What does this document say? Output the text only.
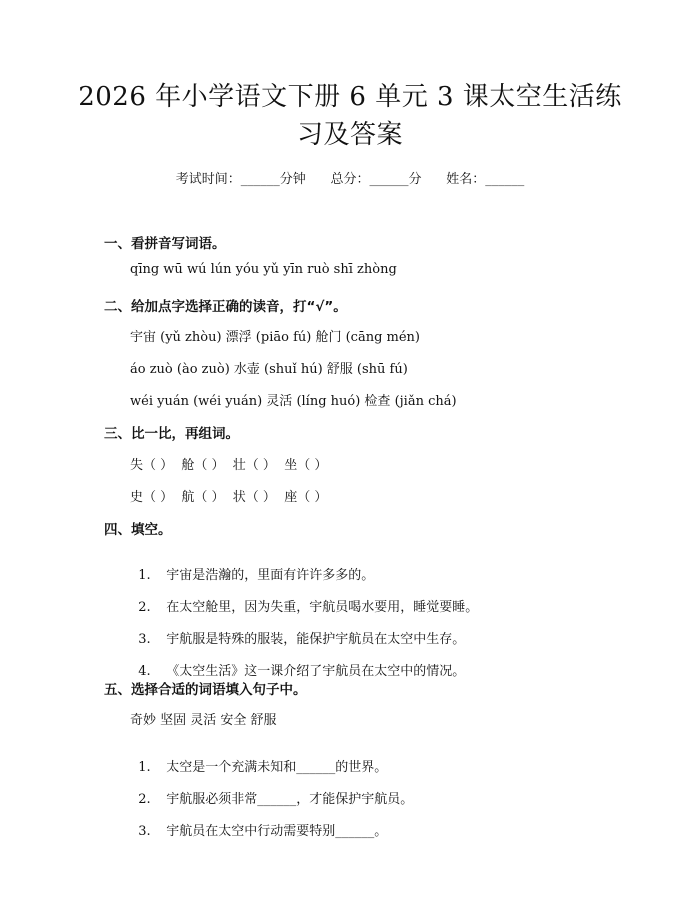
2026 年小学语文下册 6 单元 3 课太空生活练
习及答案
考试时间：______分钟      总分：______分      姓名：______
一、看拼音写词语。
qīng wū wú lún yóu yǔ yīn ruò shī zhòng
二、给加点字选择正确的读音，打“√”。
宇宙 (yǔ zhòu) 漂浮 (piāo fú) 舱门 (cāng mén)
áo zuò (ào zuò) 水壶 (shuǐ hú) 舒服 (shū fú)
wéi yuán (wéi yuán) 灵活 (líng huó) 检查 (jiǎn chá)
三、比一比，再组词。
失（ ）  舱（ ）  壮（ ）  坐（ ）
史（ ）  航（ ）  状（ ）  座（ ）
四、填空。

1. 宇宙是浩瀚的，里面有许许多多的。

2. 在太空舱里，因为失重，宇航员喝水要用，睡觉要睡。

3. 宇航服是特殊的服装，能保护宇航员在太空中生存。

4. 《太空生活》这一课介绍了宇航员在太空中的情况。

五、选择合适的词语填入句子中。
奇妙 坚固 灵活 安全 舒服

1. 太空是一个充满未知和______的世界。

2. 宇航服必须非常______，才能保护宇航员。

3. 宇航员在太空中行动需要特别______。
